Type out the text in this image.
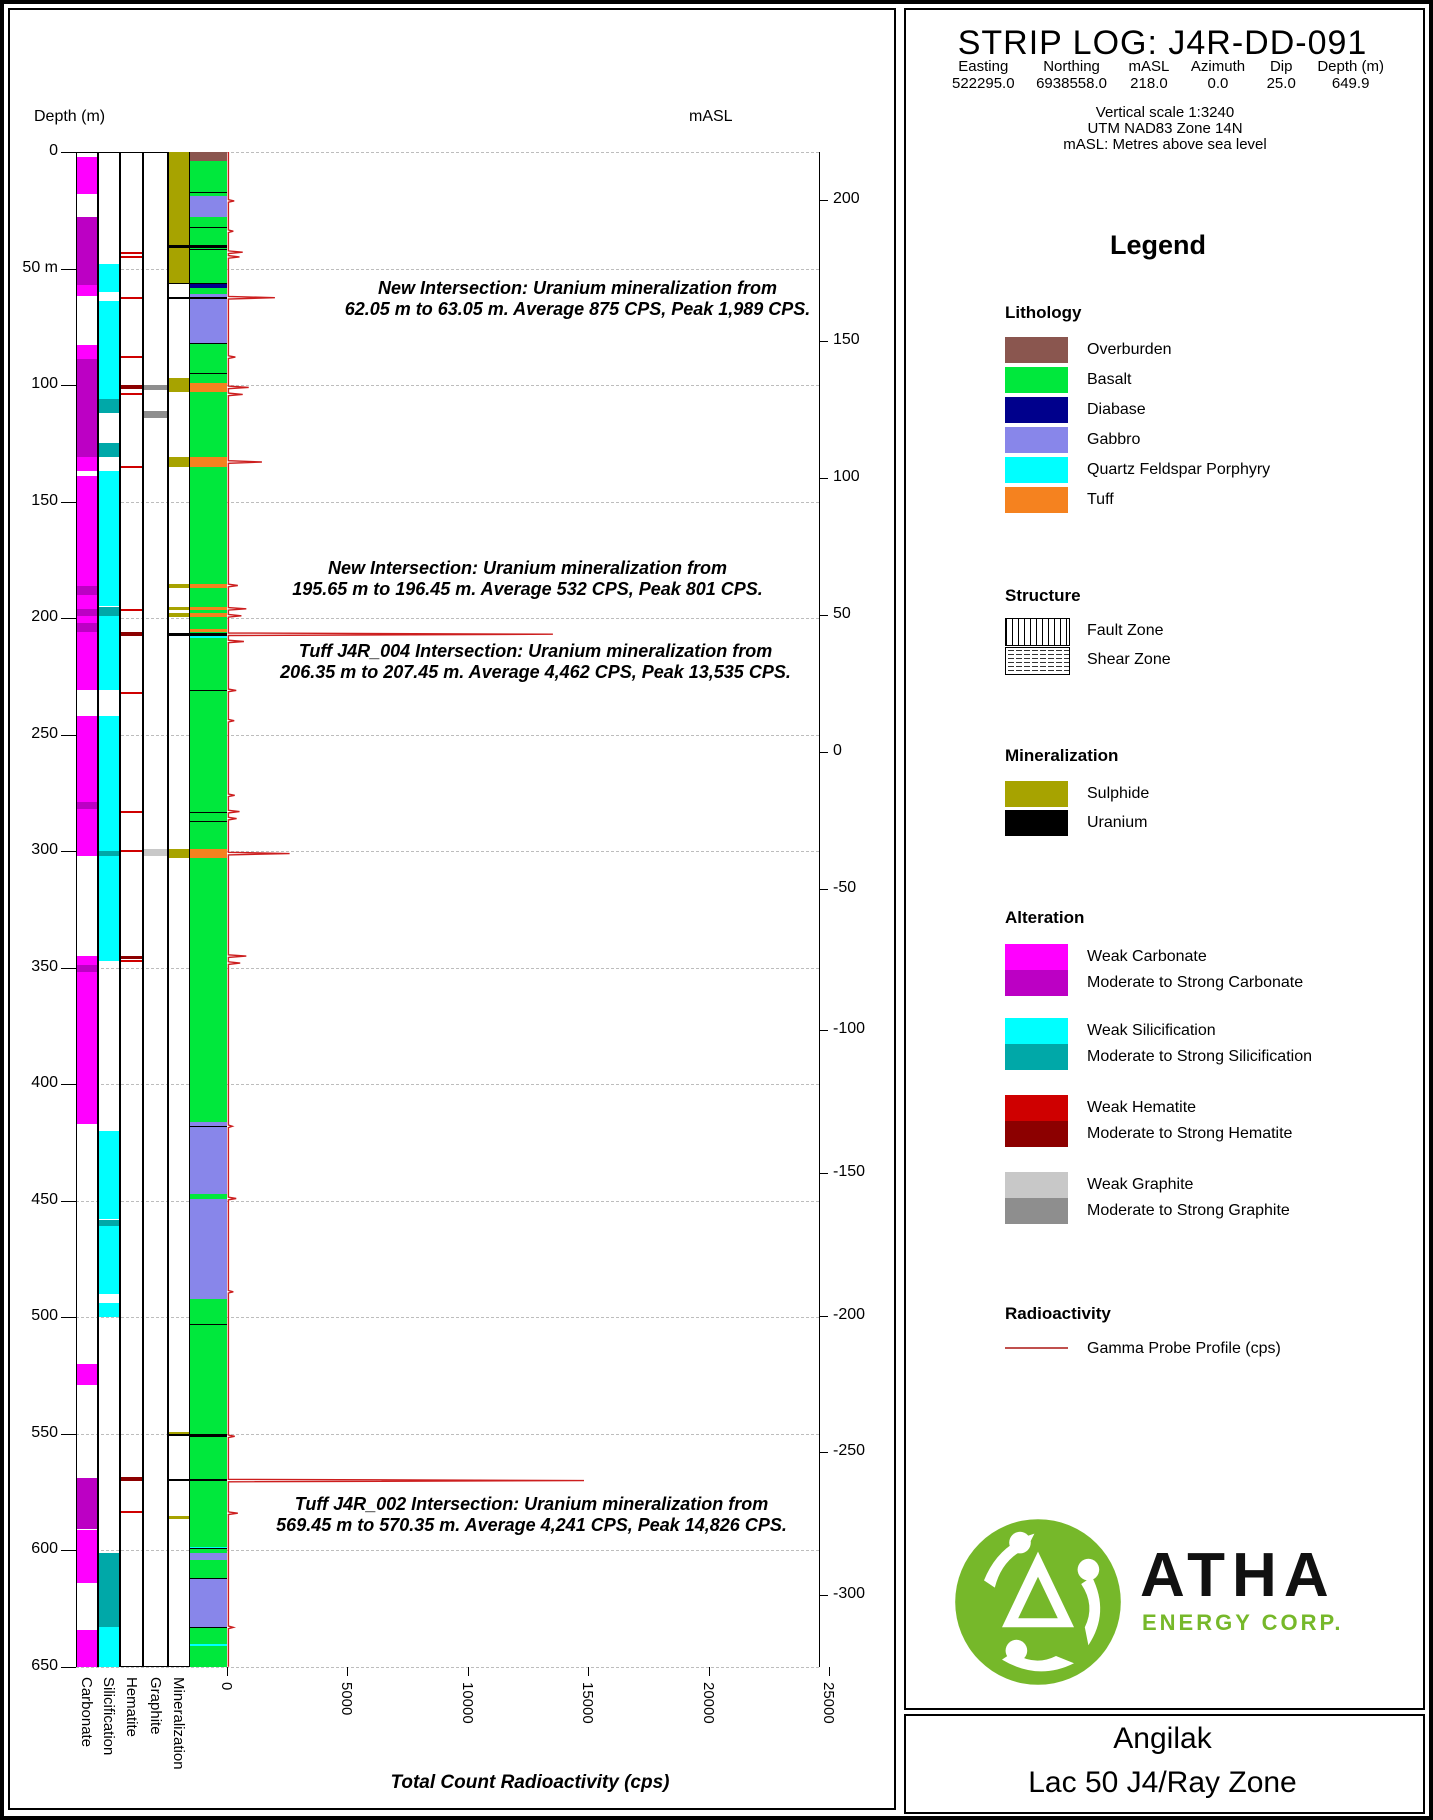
Depth (m)	mASL
0
50 m
100
150
200
250
300
350
400
450
500
550
600
650
200
150
100
50
0
-50
-100
-150
-200
-250
-300
0	5000	10000	15000	20000	25000
Total Count Radioactivity (cps)
Carbonate Silicification Hematite Graphite Mineralization
New Intersection: Uranium mineralization from
62.05 m to 63.05 m. Average 875 CPS, Peak 1,989 CPS.
New Intersection: Uranium mineralization from
195.65 m to 196.45 m. Average 532 CPS, Peak 801 CPS.
Tuff J4R_004 Intersection: Uranium mineralization from
206.35 m to 207.45 m. Average 4,462 CPS, Peak 13,535 CPS.
Tuff J4R_002 Intersection: Uranium mineralization from
569.45 m to 570.35 m. Average 4,241 CPS, Peak 14,826 CPS.
STRIP LOG: J4R-DD-091
Easting
522295.0
Northing
6938558.0
mASL
218.0
Azimuth
0.0
Dip
25.0
Depth (m)
649.9
Vertical scale 1:3240
UTM NAD83 Zone 14N
mASL: Metres above sea level
Legend
Lithology
Overburden
Basalt
Diabase
Gabbro
Quartz Feldspar Porphyry
Tuff
Structure
Fault Zone
Shear Zone
Mineralization
Sulphide
Uranium
Alteration
Weak Carbonate
Moderate to Strong Carbonate
Weak Silicification
Moderate to Strong Silicification
Weak Hematite
Moderate to Strong Hematite
Weak Graphite
Moderate to Strong Graphite
Radioactivity
Gamma Probe Profile (cps)
ATHA
ENERGY CORP.
Angilak
Lac 50 J4/Ray Zone
